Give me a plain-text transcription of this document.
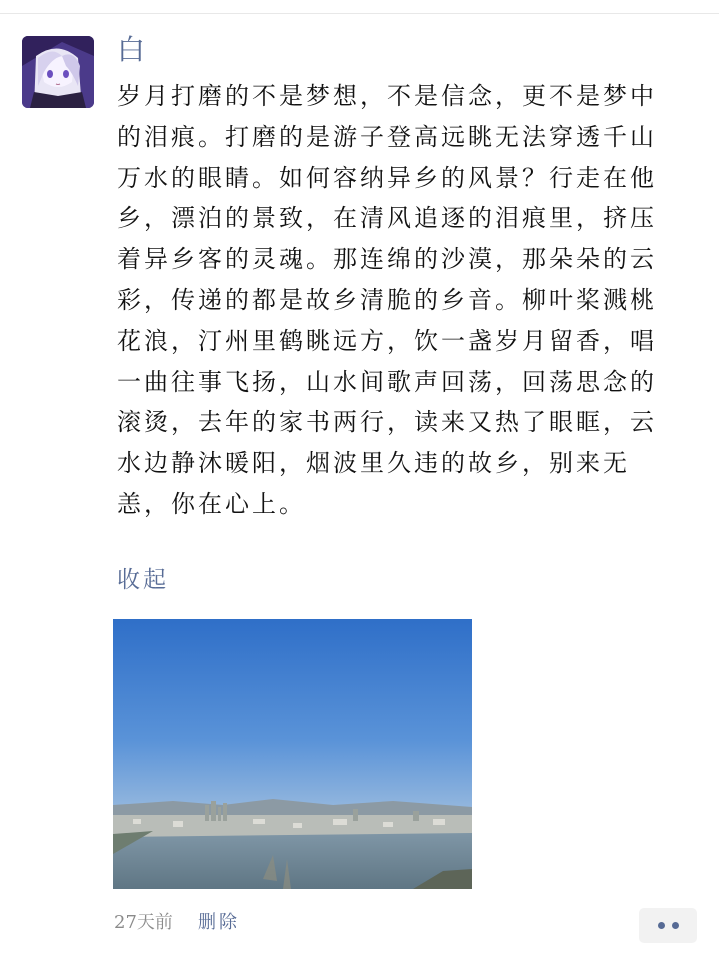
白

岁月打磨的不是梦想，不是信念，更不是梦中的泪痕。打磨的是游子登高远眺无法穿透千山万水的眼睛。如何容纳异乡的风景？行走在他乡，漂泊的景致，在清风追逐的泪痕里，挤压着异乡客的灵魂。那连绵的沙漠，那朵朵的云彩，传递的都是故乡清脆的乡音。柳叶桨溅桃花浪，汀州里鹤眺远方，饮一盏岁月留香，唱一曲往事飞扬，山水间歌声回荡，回荡思念的滚烫，去年的家书两行，读来又热了眼眶，云水边静沐暖阳，烟波里久违的故乡，别来无恙，你在心上。

收起
27天前 删除
